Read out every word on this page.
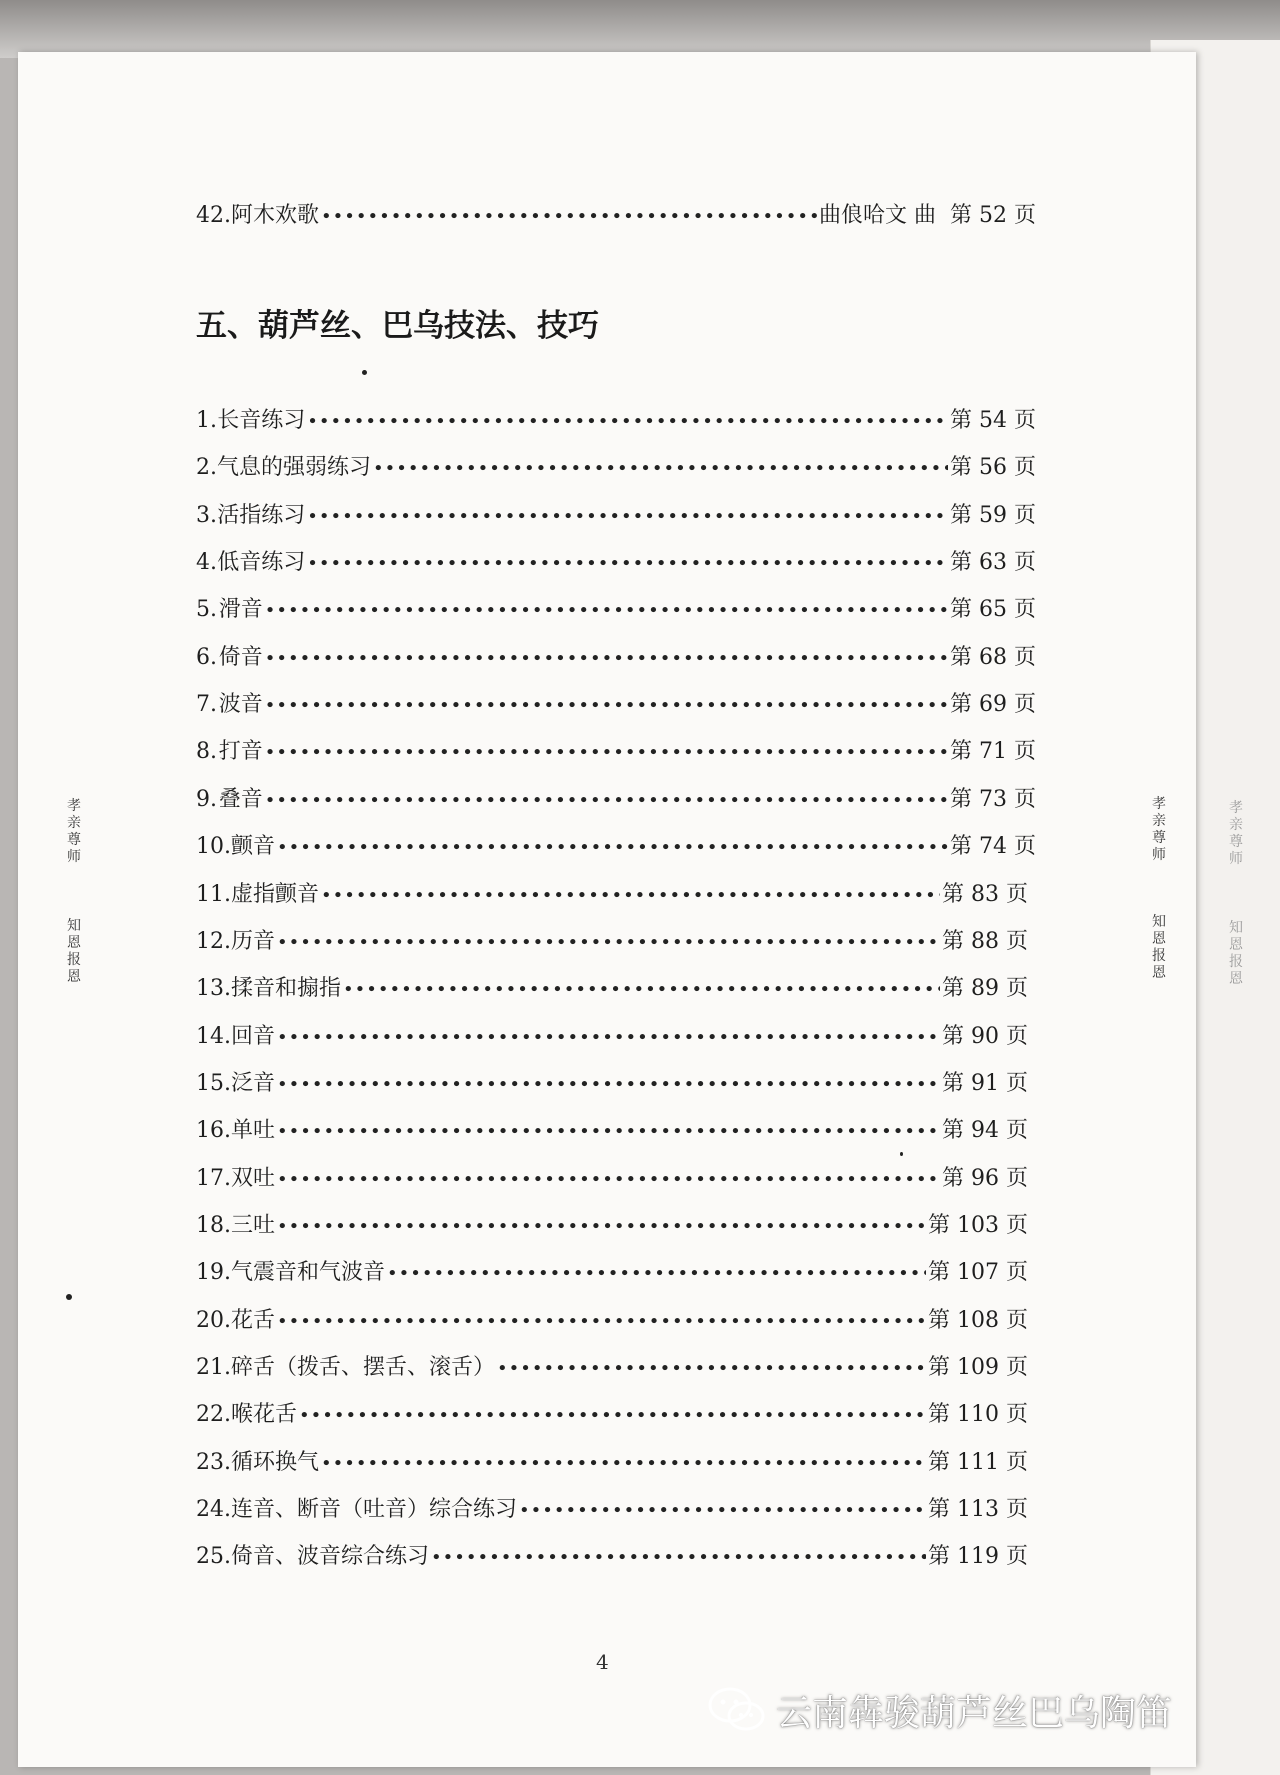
42. 阿木欢歌 •••••	曲俍哈文 曲 第 52 页
五、葫芦丝、巴乌技法、技巧
1. 长音练习 •••••	第 54 页
2. 气息的强弱练习 •••••	第 56 页
3. 活指练习 •••••	第 59 页
4. 低音练习 •••••	第 63 页
5. 滑音 •••••	第 65 页
6. 倚音 •••••	第 68 页
7. 波音 •••••	第 69 页
8. 打音 •••••	第 71 页
9. 叠音 •••••	第 73 页
10. 颤音 •••••	第 74 页
11. 虚指颤音 •••••	第 83 页
12. 历音 •••••	第 88 页
13. 揉音和搧指 •••••	第 89 页
14. 回音 •••••	第 90 页
15. 泛音 •••••	第 91 页
16. 单吐 •••••	第 94 页
17. 双吐 •••••	第 96 页
18. 三吐 •••••	第 103 页
19. 气震音和气波音 •••••	第 107 页
20. 花舌 •••••	第 108 页
21. 碎舌（拨舌、摆舌、滚舌） •••••	第 109 页
22. 喉花舌 •••••	第 110 页
23. 循环换气 •••••	第 111 页
24. 连音、断音（吐音）综合练习 •••••	第 113 页
25. 倚音、波音综合练习 •••••	第 119 页
孝
亲
尊
师
知
恩
报
恩
孝
亲
尊
师
知
恩
报
恩
孝
亲
尊
师
知
恩
报
恩
4
云南犇骏葫芦丝巴乌陶笛
